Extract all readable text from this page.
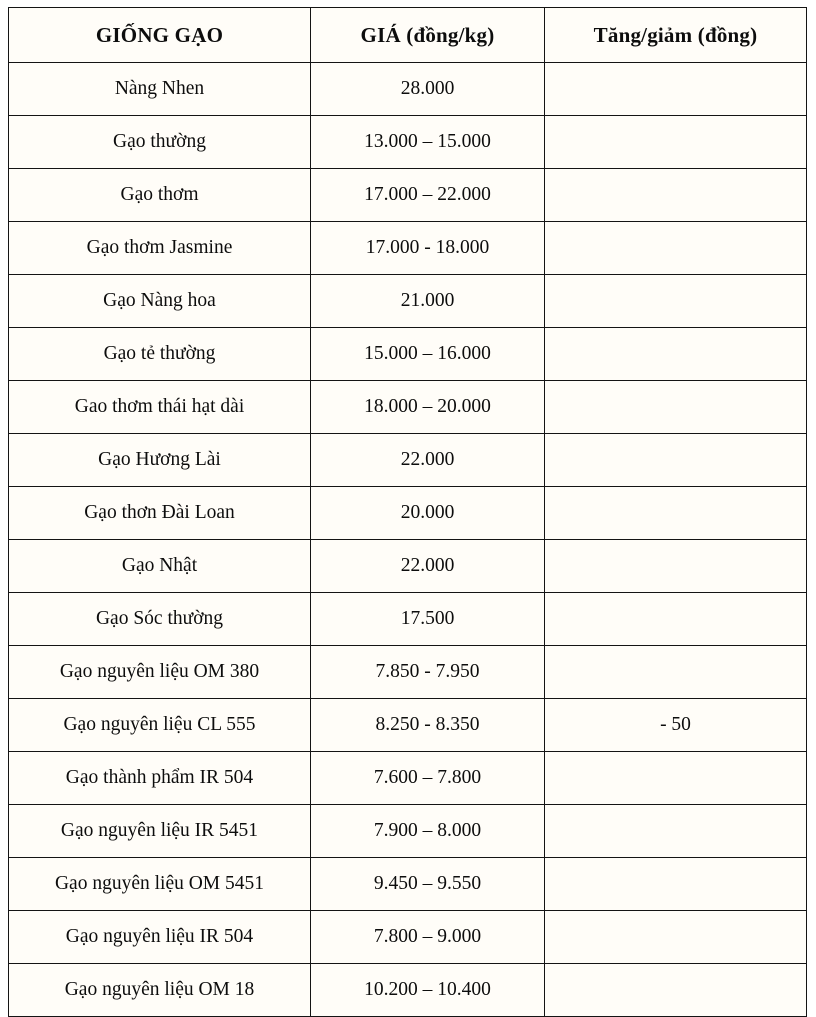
GIỐNG GẠO	GIÁ (đồng/kg)	Tăng/giảm (đồng)
Nàng Nhen	28.000	
Gạo thường	13.000 – 15.000	
Gạo thơm	17.000 – 22.000	
Gạo thơm Jasmine	17.000 - 18.000	
Gạo Nàng hoa	21.000	
Gạo tẻ thường	15.000 – 16.000	
Gao thơm thái hạt dài	18.000 – 20.000	
Gạo Hương Lài	22.000	
Gạo thơn Đài Loan	20.000	
Gạo Nhật	22.000	
Gạo Sóc thường	17.500	
Gạo nguyên liệu OM 380	7.850 - 7.950	
Gạo nguyên liệu CL 555	8.250 - 8.350	- 50
Gạo thành phẩm IR 504	7.600 – 7.800	
Gạo nguyên liệu IR 5451	7.900 – 8.000	
Gạo nguyên liệu OM 5451	9.450 – 9.550	
Gạo nguyên liệu IR 504	7.800 – 9.000	
Gạo nguyên liệu OM 18	10.200 – 10.400	
